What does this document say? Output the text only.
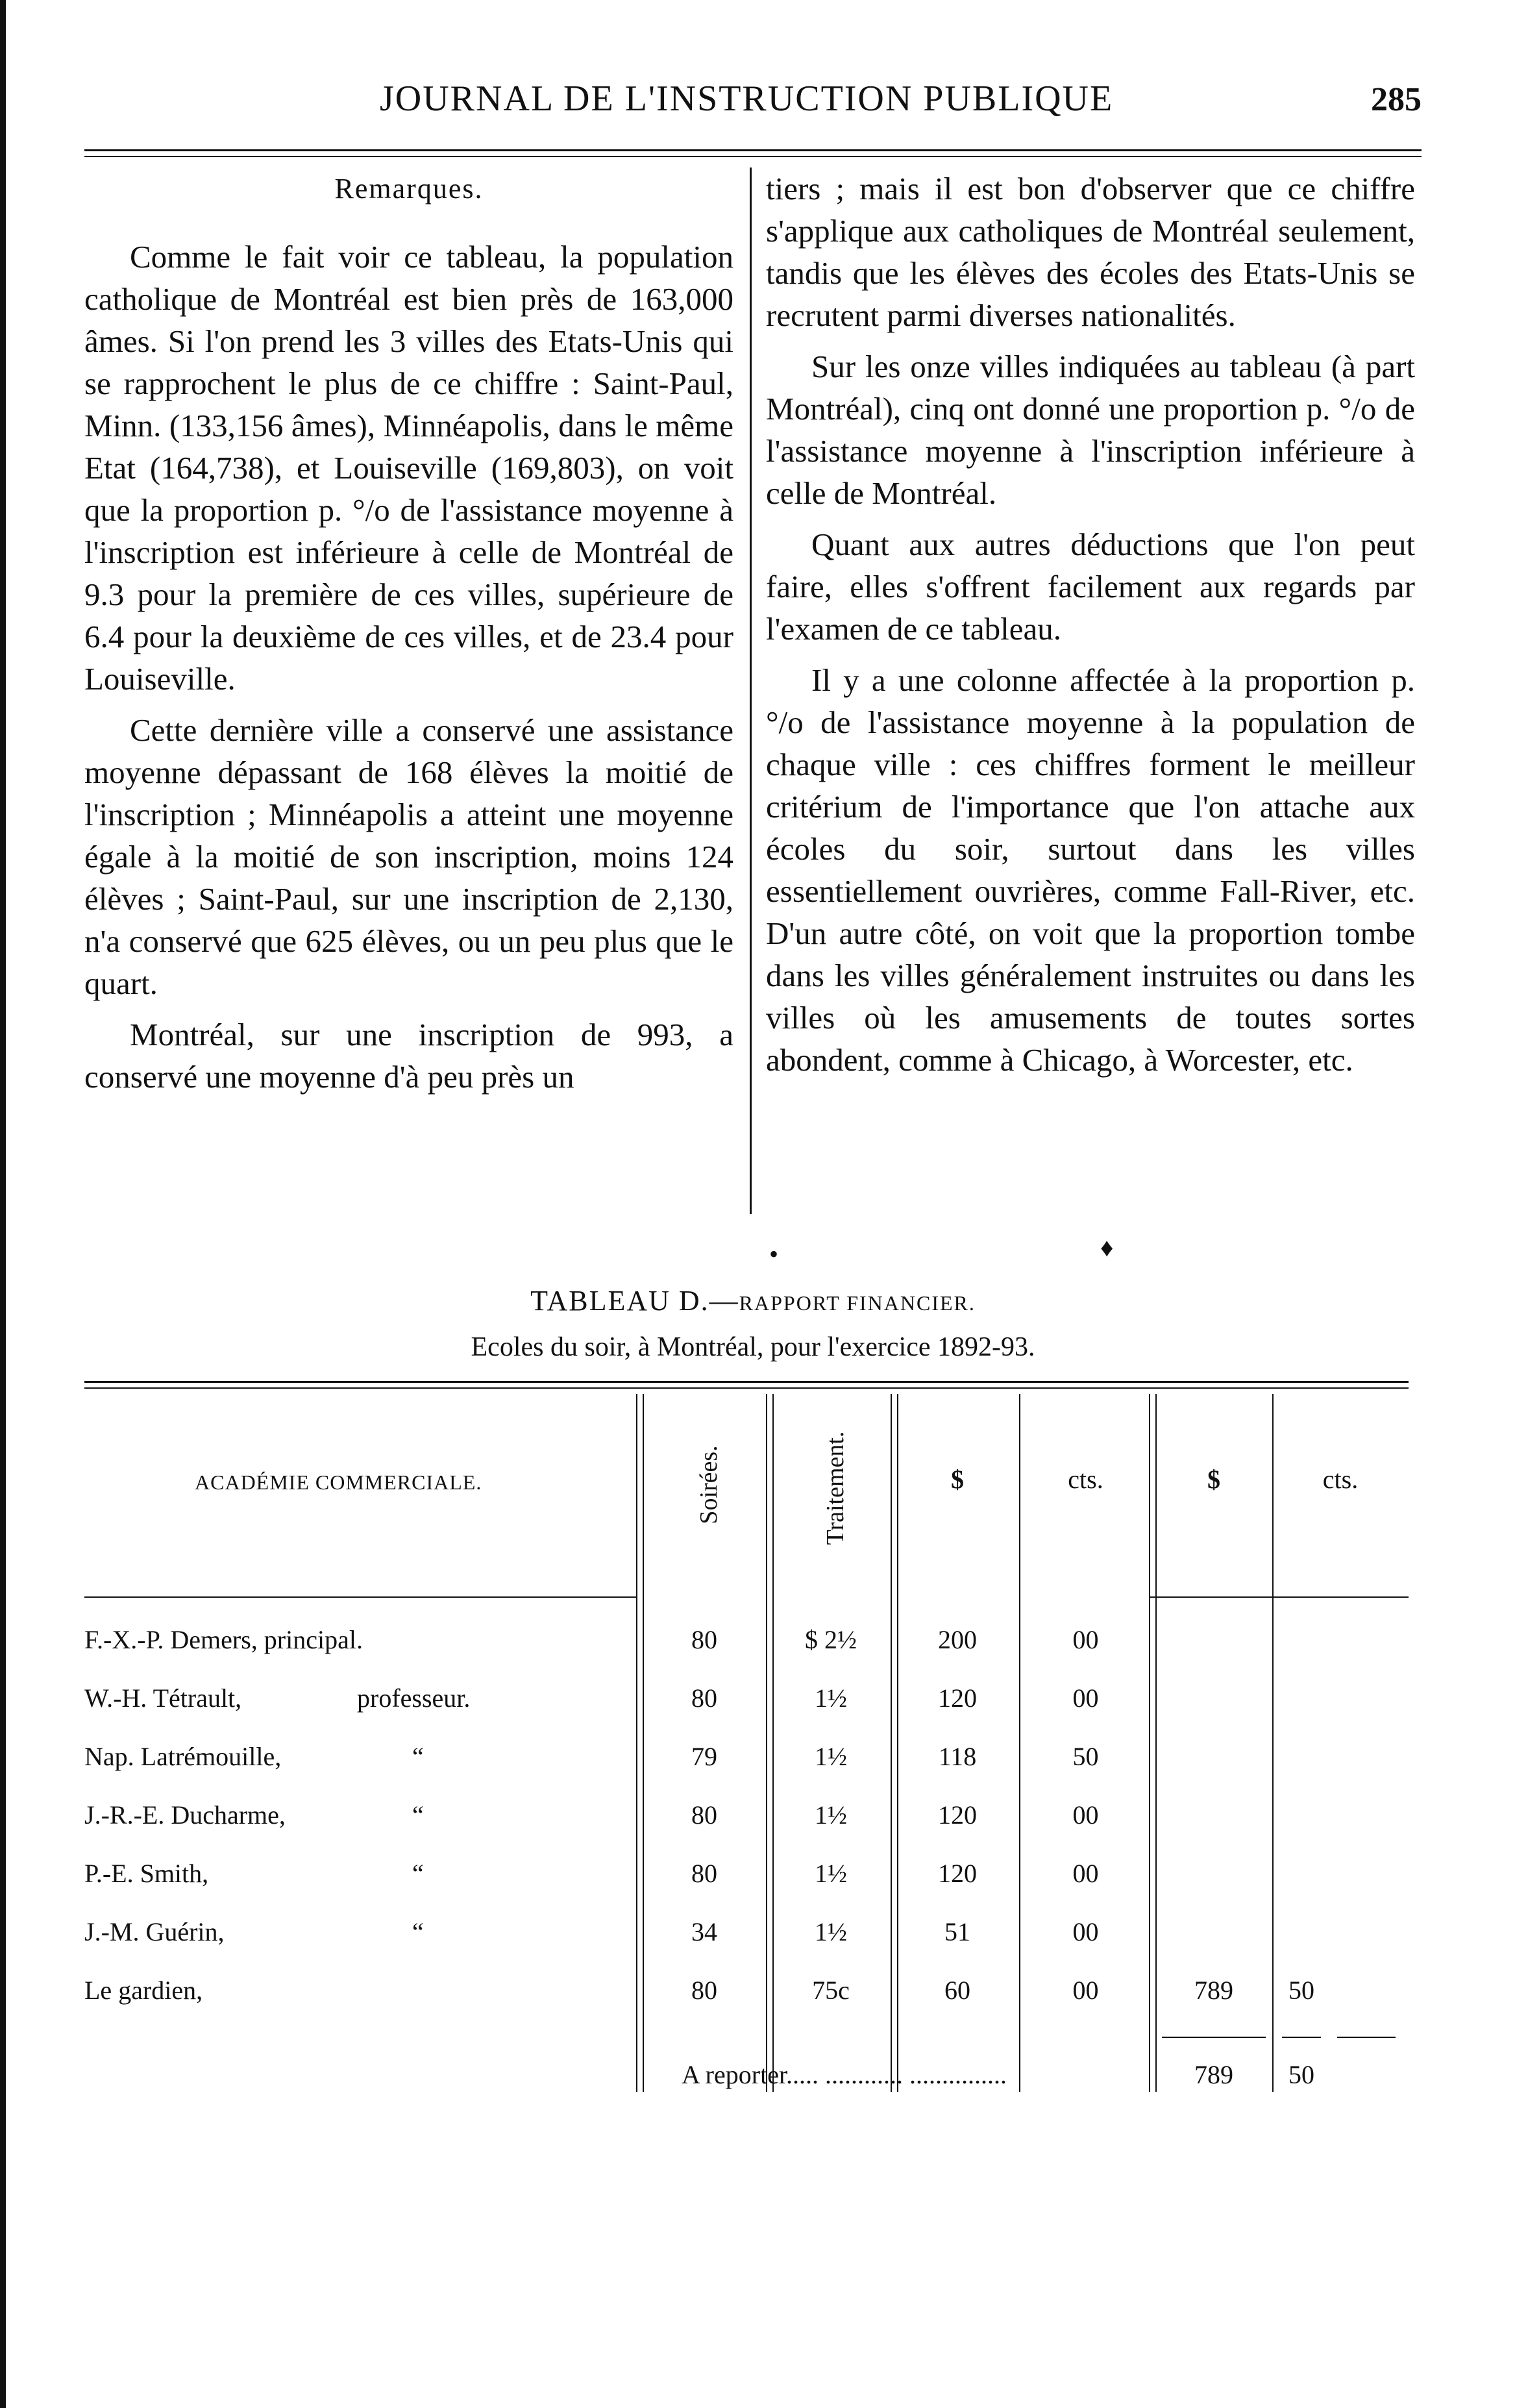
JOURNAL DE L'INSTRUCTION PUBLIQUE	285

Remarques.

Comme le fait voir ce tableau, la population catholique de Montréal est bien près de 163,000 âmes. Si l'on prend les 3 villes des Etats-Unis qui se rapprochent le plus de ce chiffre : Saint-Paul, Minn. (133,156 âmes), Minnéapolis, dans le même Etat (164,738), et Louiseville (169,803), on voit que la proportion p. °/o de l'assistance moyenne à l'inscription est inférieure à celle de Montréal de 9.3 pour la première de ces villes, supérieure de 6.4 pour la deuxième de ces villes, et de 23.4 pour Louiseville.

Cette dernière ville a conservé une assistance moyenne dépassant de 168 élèves la moitié de l'inscription ; Minnéapolis a atteint une moyenne égale à la moitié de son inscription, moins 124 élèves ; Saint-Paul, sur une inscription de 2,130, n'a conservé que 625 élèves, ou un peu plus que le quart.

Montréal, sur une inscription de 993, a conservé une moyenne d'à peu près un

tiers ; mais il est bon d'observer que ce chiffre s'applique aux catholiques de Montréal seulement, tandis que les élèves des écoles des Etats-Unis se recrutent parmi diverses nationalités.

Sur les onze villes indiquées au tableau (à part Montréal), cinq ont donné une proportion p. °/o de l'assistance moyenne à l'inscription inférieure à celle de Montréal.

Quant aux autres déductions que l'on peut faire, elles s'offrent facilement aux regards par l'examen de ce tableau.

Il y a une colonne affectée à la proportion p. °/o de l'assistance moyenne à la population de chaque ville : ces chiffres forment le meilleur critérium de l'importance que l'on attache aux écoles du soir, surtout dans les villes essentiellement ouvrières, comme Fall-River, etc. D'un autre côté, on voit que la proportion tombe dans les villes généralement instruites ou dans les villes où les amusements de toutes sortes abondent, comme à Chicago, à Worcester, etc.

•	♦
TABLEAU D.—RAPPORT FINANCIER.
Ecoles du soir, à Montréal, pour l'exercice 1892-93.
ACADÉMIE COMMERCIALE.	Soirées.	Traitement.	$	cts.	$	cts.
F.-X.-P. Demers, principal.	80	$ 2½	200	00
W.-H. Tétrault,	professeur.	80	1½	120	00
Nap. Latrémouille,	“	79	1½	118	50
J.-R.-E. Ducharme,	“	80	1½	120	00
P.-E. Smith,	“	80	1½	120	00
J.-M. Guérin,	“	34	1½	51	00
Le gardien,	80	75c	60	00	789	50
A reporter..... ............ ...............	789	50
